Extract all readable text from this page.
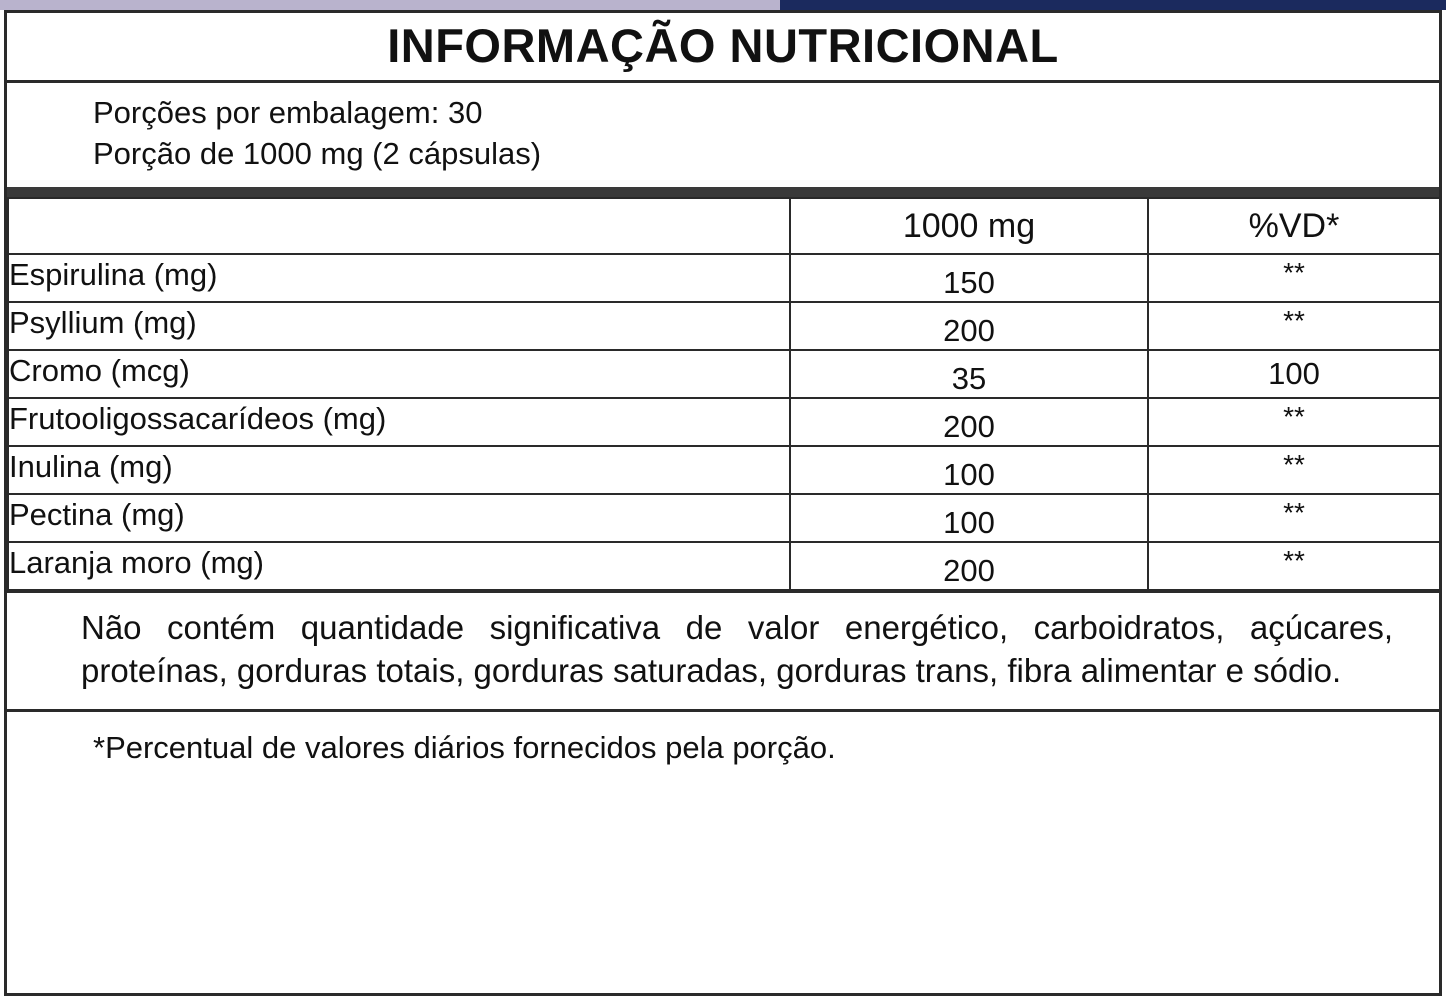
INFORMAÇÃO NUTRICIONAL
Porções por embalagem: 30
Porção de 1000 mg (2 cápsulas)
	1000 mg	%VD*
Espirulina (mg)	150	**
Psyllium (mg)	200	**
Cromo (mcg)	35	100
Frutooligossacarídeos (mg)	200	**
Inulina (mg)	100	**
Pectina (mg)	100	**
Laranja moro (mg)	200	**
Não contém quantidade significativa de valor energético, carboidratos, açúcares, proteínas, gorduras totais, gorduras saturadas, gorduras trans, fibra alimentar e sódio.
*Percentual de valores diários fornecidos pela porção.
